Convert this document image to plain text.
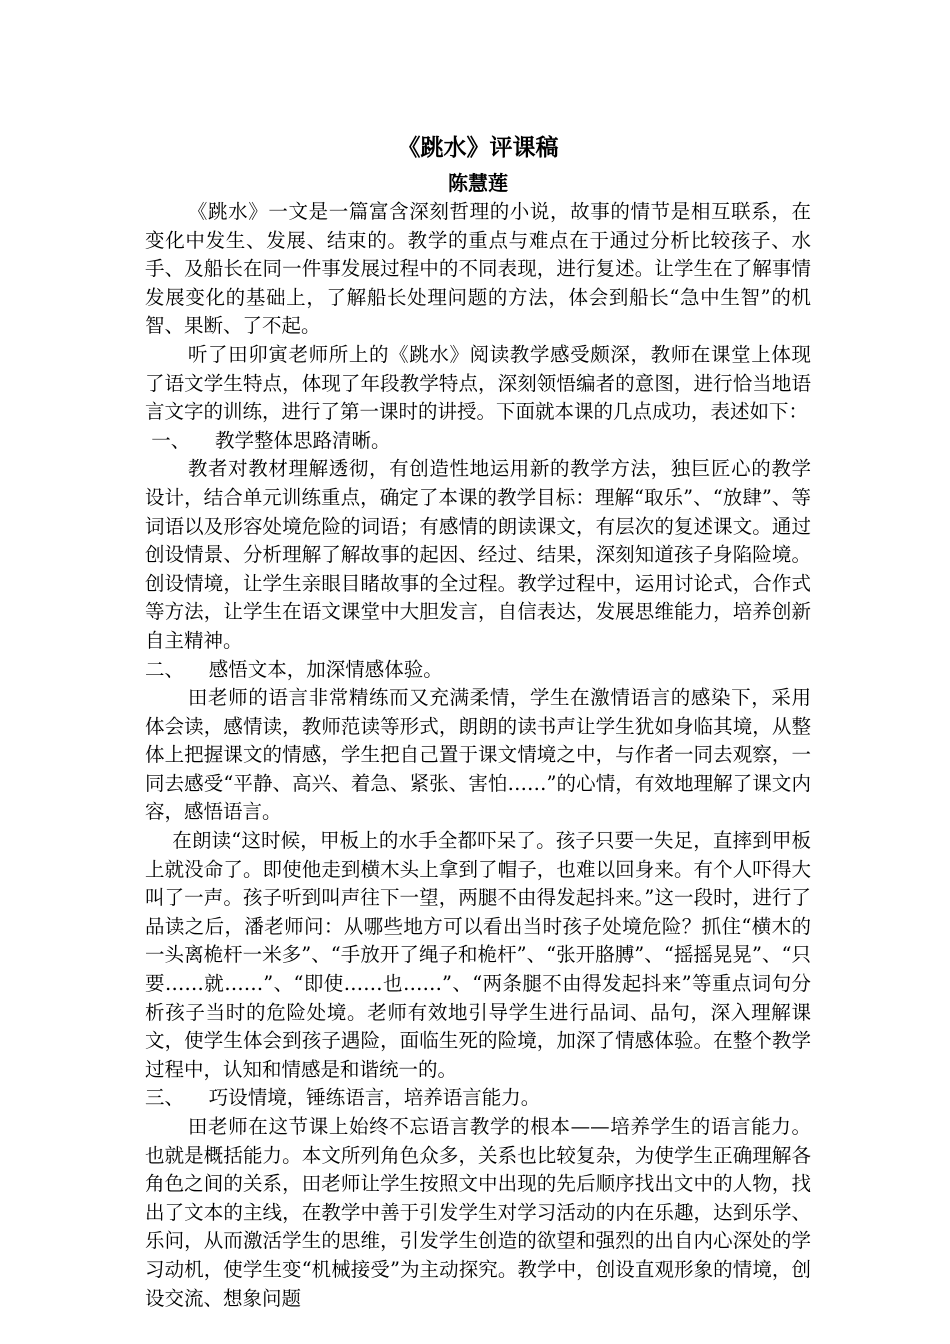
《跳水》评课稿
陈慧莲

《跳水》一文是一篇富含深刻哲理的小说，故事的情节是相互联系，在变化中发生、发展、结束的。教学的重点与难点在于通过分析比较孩子、水手、及船长在同一件事发展过程中的不同表现，进行复述。让学生在了解事情发展变化的基础上，了解船长处理问题的方法，体会到船长“急中生智”的机智、果断、了不起。

听了田卯寅老师所上的《跳水》阅读教学感受颇深，教师在课堂上体现了语文学生特点，体现了年段教学特点，深刻领悟编者的意图，进行恰当地语言文字的训练，进行了第一课时的讲授。下面就本课的几点成功，表述如下：

一、    教学整体思路清晰。

教者对教材理解透彻，有创造性地运用新的教学方法，独巨匠心的教学设计，结合单元训练重点，确定了本课的教学目标：理解“取乐”、“放肆”、等词语以及形容处境危险的词语；有感情的朗读课文，有层次的复述课文。通过创设情景、分析理解了解故事的起因、经过、结果，深刻知道孩子身陷险境。创设情境，让学生亲眼目睹故事的全过程。教学过程中，运用讨论式，合作式等方法，让学生在语文课堂中大胆发言，自信表达，发展思维能力，培养创新自主精神。

二、    感悟文本，加深情感体验。

田老师的语言非常精练而又充满柔情，学生在激情语言的感染下，采用体会读，感情读，教师范读等形式，朗朗的读书声让学生犹如身临其境，从整体上把握课文的情感，学生把自己置于课文情境之中，与作者一同去观察，一同去感受“平静、高兴、着急、紧张、害怕……”的心情，有效地理解了课文内容，感悟语言。

在朗读“这时候，甲板上的水手全都吓呆了。孩子只要一失足，直摔到甲板上就没命了。即使他走到横木头上拿到了帽子，也难以回身来。有个人吓得大叫了一声。孩子听到叫声往下一望，两腿不由得发起抖来。”这一段时，进行了品读之后，潘老师问：从哪些地方可以看出当时孩子处境危险？抓住“横木的一头离桅杆一米多”、“手放开了绳子和桅杆”、“张开胳膊”、“摇摇晃晃”、“只要……就……”、“即使……也……”、“两条腿不由得发起抖来”等重点词句分析孩子当时的危险处境。老师有效地引导学生进行品词、品句，深入理解课文，使学生体会到孩子遇险，面临生死的险境，加深了情感体验。在整个教学过程中，认知和情感是和谐统一的。

三、    巧设情境，锤练语言，培养语言能力。

田老师在这节课上始终不忘语言教学的根本——培养学生的语言能力。也就是概括能力。本文所列角色众多，关系也比较复杂，为使学生正确理解各角色之间的关系，田老师让学生按照文中出现的先后顺序找出文中的人物，找出了文本的主线，在教学中善于引发学生对学习活动的内在乐趣，达到乐学、乐问，从而激活学生的思维，引发学生创造的欲望和强烈的出自内心深处的学习动机，使学生变“机械接受”为主动探究。教学中，创设直观形象的情境，创设交流、想象问题
